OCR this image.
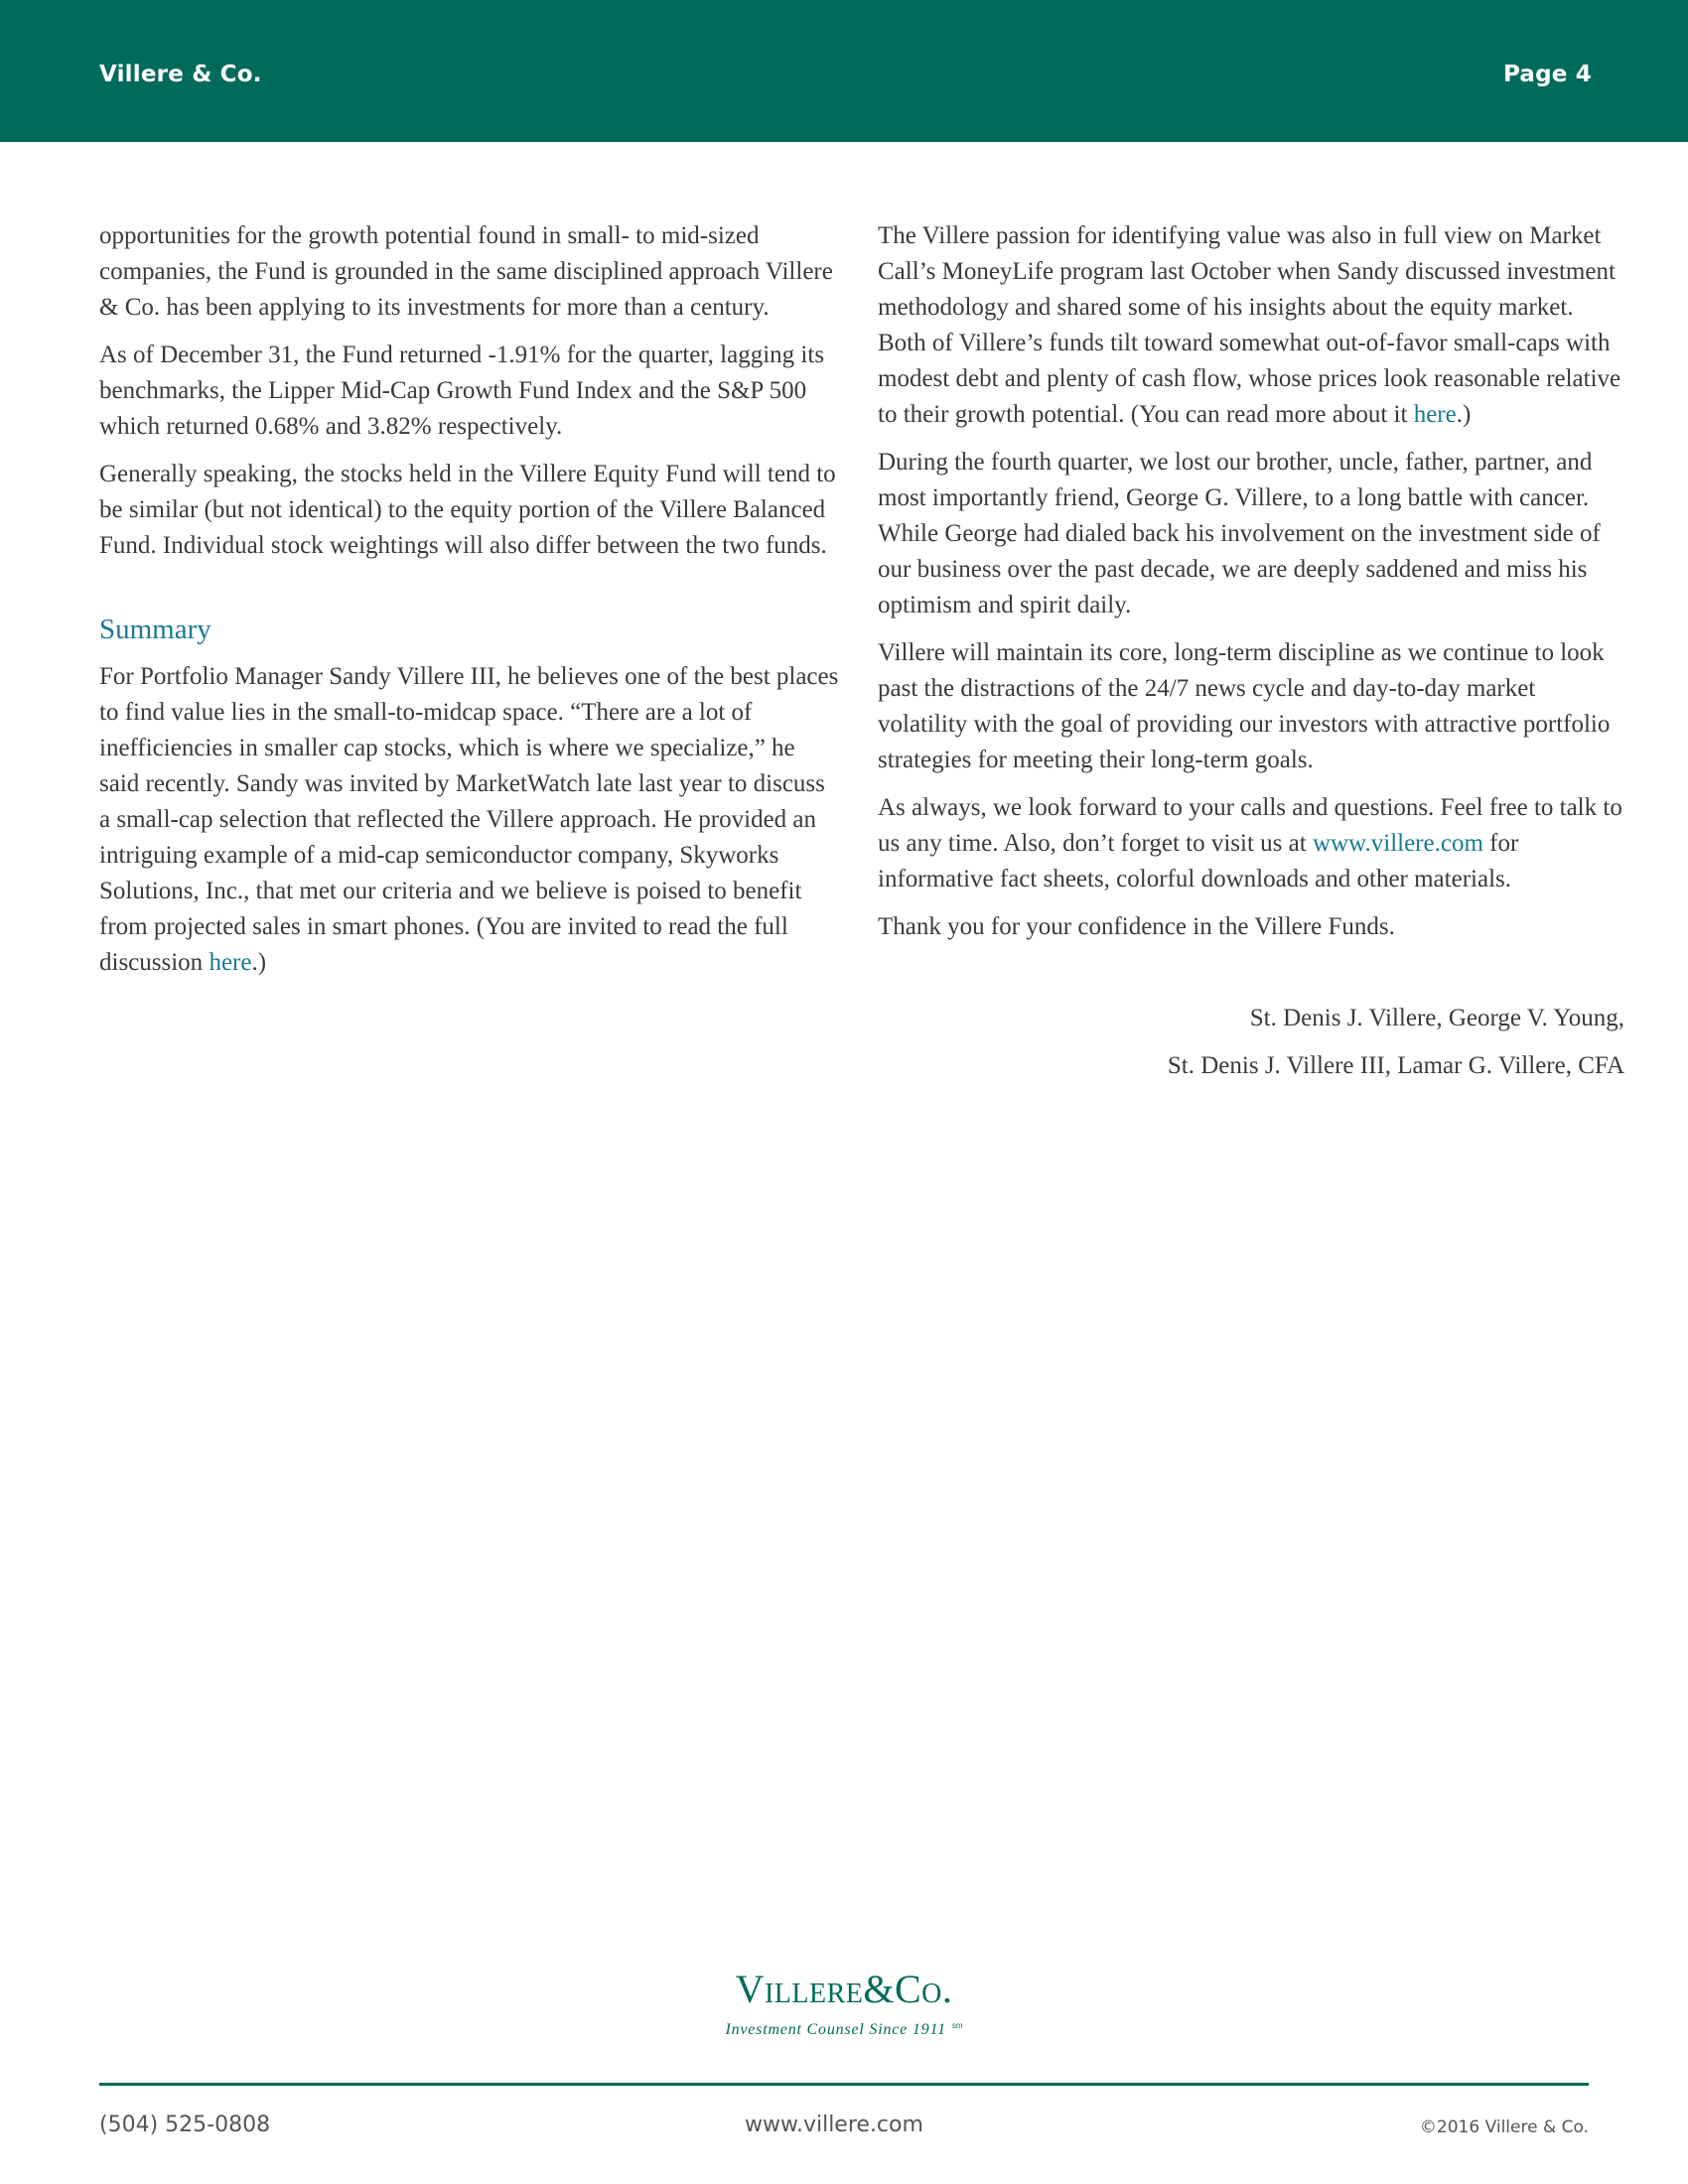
Villere & Co.	Page 4

opportunities for the growth potential found in small- to mid-sized companies, the Fund is grounded in the same disciplined approach Villere & Co. has been applying to its investments for more than a century.

As of December 31, the Fund returned -1.91% for the quarter, lagging its benchmarks, the Lipper Mid-Cap Growth Fund Index and the S&P 500 which returned 0.68% and 3.82% respectively.

Generally speaking, the stocks held in the Villere Equity Fund will tend to be similar (but not identical) to the equity portion of the Villere Balanced Fund. Individual stock weightings will also differ between the two funds.

Summary

For Portfolio Manager Sandy Villere III, he believes one of the best places to find value lies in the small-to-midcap space. “There are a lot of inefficiencies in smaller cap stocks, which is where we specialize,” he said recently. Sandy was invited by MarketWatch late last year to discuss a small-cap selection that reflected the Villere approach. He provided an intriguing example of a mid-cap semiconductor company, Skyworks Solutions, Inc., that met our criteria and we believe is poised to benefit from projected sales in smart phones. (You are invited to read the full discussion here.)

The Villere passion for identifying value was also in full view on Market Call’s MoneyLife program last October when Sandy discussed investment methodology and shared some of his insights about the equity market. Both of Villere’s funds tilt toward somewhat out-of-favor small-caps with modest debt and plenty of cash flow, whose prices look reasonable relative to their growth potential. (You can read more about it here.)

During the fourth quarter, we lost our brother, uncle, father, partner, and most importantly friend, George G. Villere, to a long battle with cancer. While George had dialed back his involvement on the investment side of our business over the past decade, we are deeply saddened and miss his optimism and spirit daily.

Villere will maintain its core, long-term discipline as we continue to look past the distractions of the 24/7 news cycle and day-to-day market volatility with the goal of providing our investors with attractive portfolio strategies for meeting their long-term goals.

As always, we look forward to your calls and questions. Feel free to talk to us any time. Also, don’t forget to visit us at www.villere.com for informative fact sheets, colorful downloads and other materials.

Thank you for your confidence in the Villere Funds.

St. Denis J. Villere, George V. Young,

St. Denis J. Villere III, Lamar G. Villere, CFA

Villere&Co.
Investment Counsel Since 1911 $^{sm}$
(504) 525-0808	www.villere.com	©2016 Villere & Co.
